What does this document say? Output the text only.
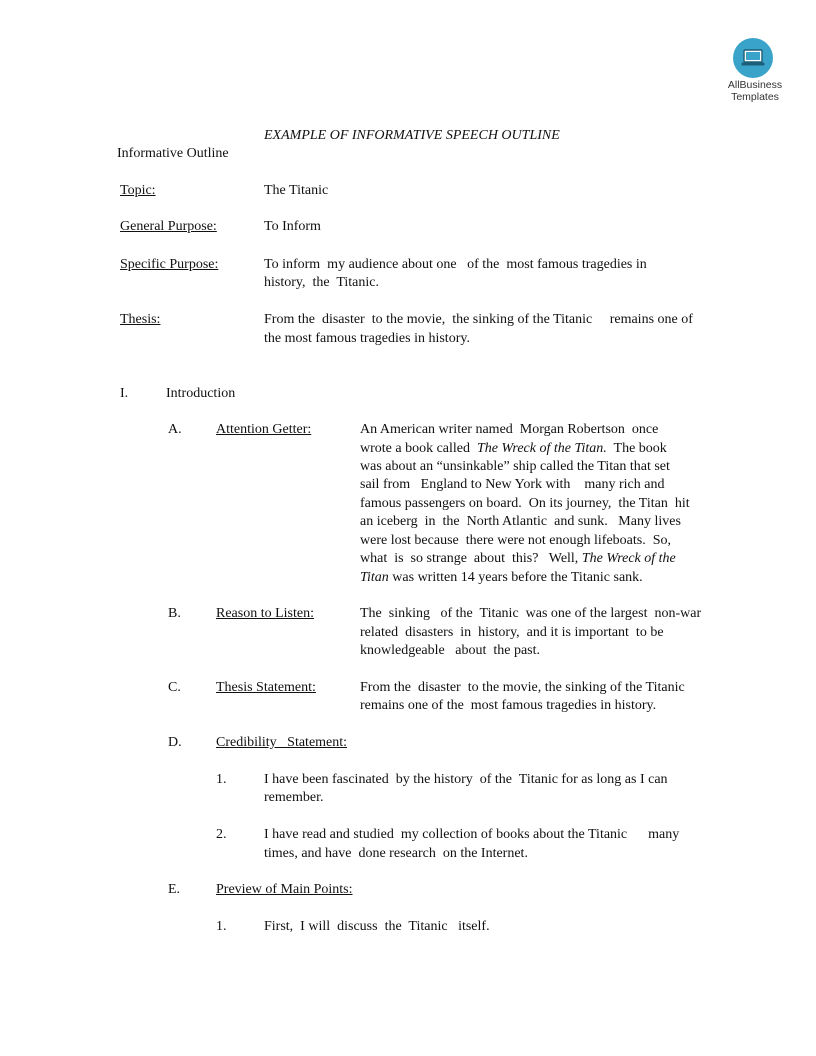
AllBusiness
Templates
EXAMPLE OF INFORMATIVE SPEECH OUTLINE
Informative Outline
Topic:	The Titanic
General Purpose:	To Inform
Specific Purpose:	To inform  my audience about one   of the  most famous tragedies in
history,  the  Titanic.
Thesis:	From the  disaster  to the movie,  the sinking of the Titanic     remains one of
the most famous tragedies in history.
I.	Introduction
A. Attention Getter:	An American writer named  Morgan Robertson  once
wrote a book called  The Wreck of the Titan.  The book
was about an “unsinkable” ship called the Titan that set
sail from   England to New York with    many rich and
famous passengers on board.  On its journey,  the Titan  hit
an iceberg  in  the  North Atlantic  and sunk.   Many lives
were lost because  there were not enough lifeboats.  So,
what  is  so strange  about  this?   Well, The Wreck of the
Titan was written 14 years before the Titanic sank.
B.	Reason to Listen:	The  sinking   of the  Titanic  was one of the largest  non-war
related  disasters  in  history,  and it is important  to be
knowledgeable   about  the past.
C.	Thesis Statement:	From the  disaster  to the movie, the sinking of the Titanic
remains one of the  most famous tragedies in history.
D. Credibility   Statement:
1.	I have been fascinated  by the history  of the  Titanic for as long as I can
remember.
2.	I have read and studied  my collection of books about the Titanic      many
times, and have  done research  on the Internet.
E.	Preview of Main Points:
1.	First,  I will  discuss  the  Titanic   itself.
